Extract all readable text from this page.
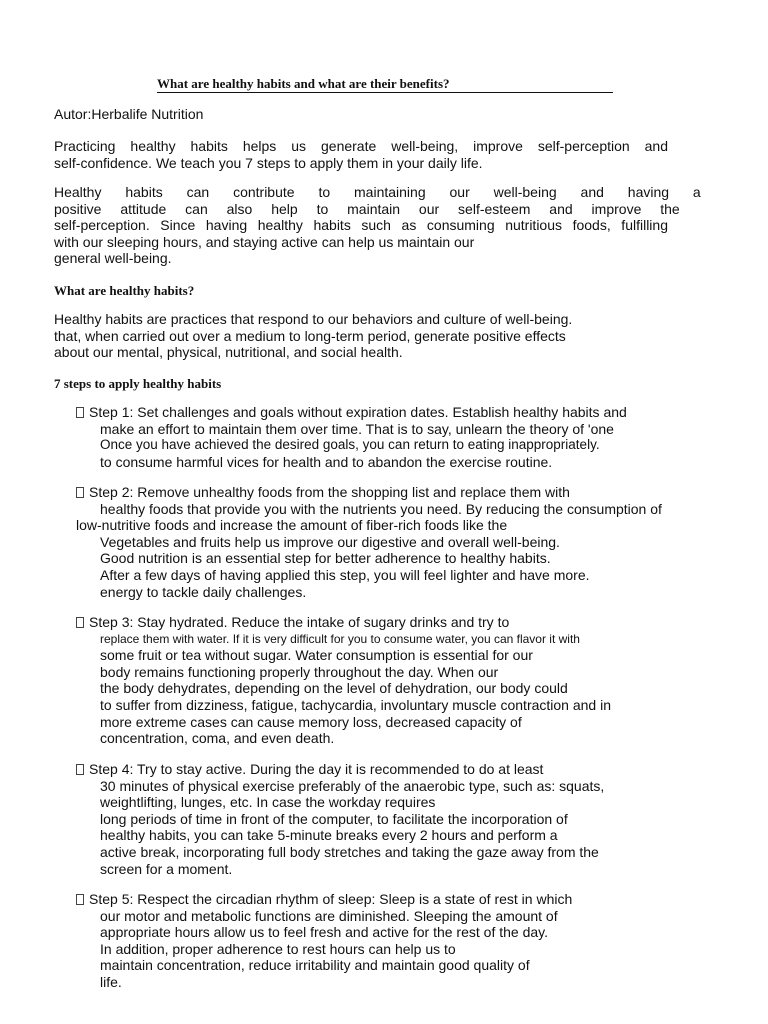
What are healthy habits and what are their benefits?
Autor:Herbalife Nutrition
Practicing healthy habits helps us generate well-being, improve self-perception and
self-confidence. We teach you 7 steps to apply them in your daily life.
Healthy habits can contribute to maintaining our well-being and having a
positive attitude can also help to maintain our self-esteem and improve the
self-perception. Since having healthy habits such as consuming nutritious foods, fulfilling
with our sleeping hours, and staying active can help us maintain our
general well-being.
What are healthy habits?
Healthy habits are practices that respond to our behaviors and culture of well-being.
that, when carried out over a medium to long-term period, generate positive effects
about our mental, physical, nutritional, and social health.
7 steps to apply healthy habits
Step 1: Set challenges and goals without expiration dates. Establish healthy habits and
make an effort to maintain them over time. That is to say, unlearn the theory of 'one
Once you have achieved the desired goals, you can return to eating inappropriately.
to consume harmful vices for health and to abandon the exercise routine.
Step 2: Remove unhealthy foods from the shopping list and replace them with
healthy foods that provide you with the nutrients you need. By reducing the consumption of
low-nutritive foods and increase the amount of fiber-rich foods like the
Vegetables and fruits help us improve our digestive and overall well-being.
Good nutrition is an essential step for better adherence to healthy habits.
After a few days of having applied this step, you will feel lighter and have more.
energy to tackle daily challenges.
Step 3: Stay hydrated. Reduce the intake of sugary drinks and try to
replace them with water. If it is very difficult for you to consume water, you can flavor it with
some fruit or tea without sugar. Water consumption is essential for our
body remains functioning properly throughout the day. When our
the body dehydrates, depending on the level of dehydration, our body could
to suffer from dizziness, fatigue, tachycardia, involuntary muscle contraction and in
more extreme cases can cause memory loss, decreased capacity of
concentration, coma, and even death.
Step 4: Try to stay active. During the day it is recommended to do at least
30 minutes of physical exercise preferably of the anaerobic type, such as: squats,
weightlifting, lunges, etc. In case the workday requires
long periods of time in front of the computer, to facilitate the incorporation of
healthy habits, you can take 5-minute breaks every 2 hours and perform a
active break, incorporating full body stretches and taking the gaze away from the
screen for a moment.
Step 5: Respect the circadian rhythm of sleep: Sleep is a state of rest in which
our motor and metabolic functions are diminished. Sleeping the amount of
appropriate hours allow us to feel fresh and active for the rest of the day.
In addition, proper adherence to rest hours can help us to
maintain concentration, reduce irritability and maintain good quality of
life.
